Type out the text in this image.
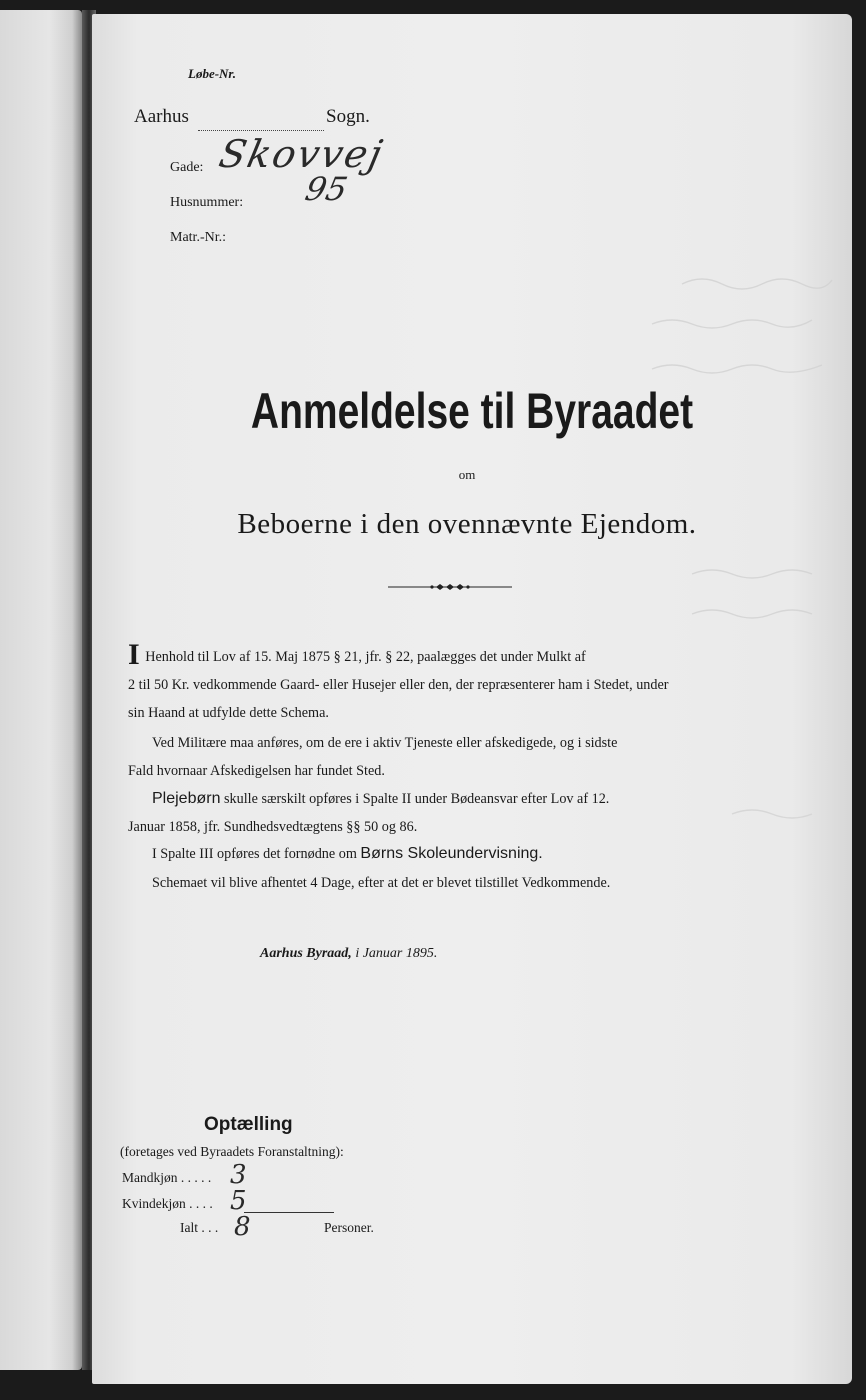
Løbe-Nr.
Aarhus	Sogn.
Gade: Skovvej
Husnummer: 95
Matr.-Nr.:
Anmeldelse til Byraadet
om
Beboerne i den ovennævnte Ejendom.
I Henhold til Lov af 15. Maj 1875 § 21, jfr. § 22, paalægges det under Mulkt af
2 til 50 Kr. vedkommende Gaard- eller Husejer eller den, der repræsenterer ham i Stedet, under
sin Haand at udfylde dette Schema.
Ved Militære maa anføres, om de ere i aktiv Tjeneste eller afskedigede, og i sidste
Fald hvornaar Afskedigelsen har fundet Sted.
Plejebørn skulle særskilt opføres i Spalte II under Bødeansvar efter Lov af 12.
Januar 1858, jfr. Sundhedsvedtægtens §§ 50 og 86.
I Spalte III opføres det fornødne om Børns Skoleundervisning.
Schemaet vil blive afhentet 4 Dage, efter at det er blevet tilstillet Vedkommende.
Aarhus Byraad, i Januar 1895.
Optælling
(foretages ved Byraadets Foranstaltning):
Mandkjøn . . . . . 3
Kvindekjøn . . . . 5
Ialt . . . 8	Personer.
